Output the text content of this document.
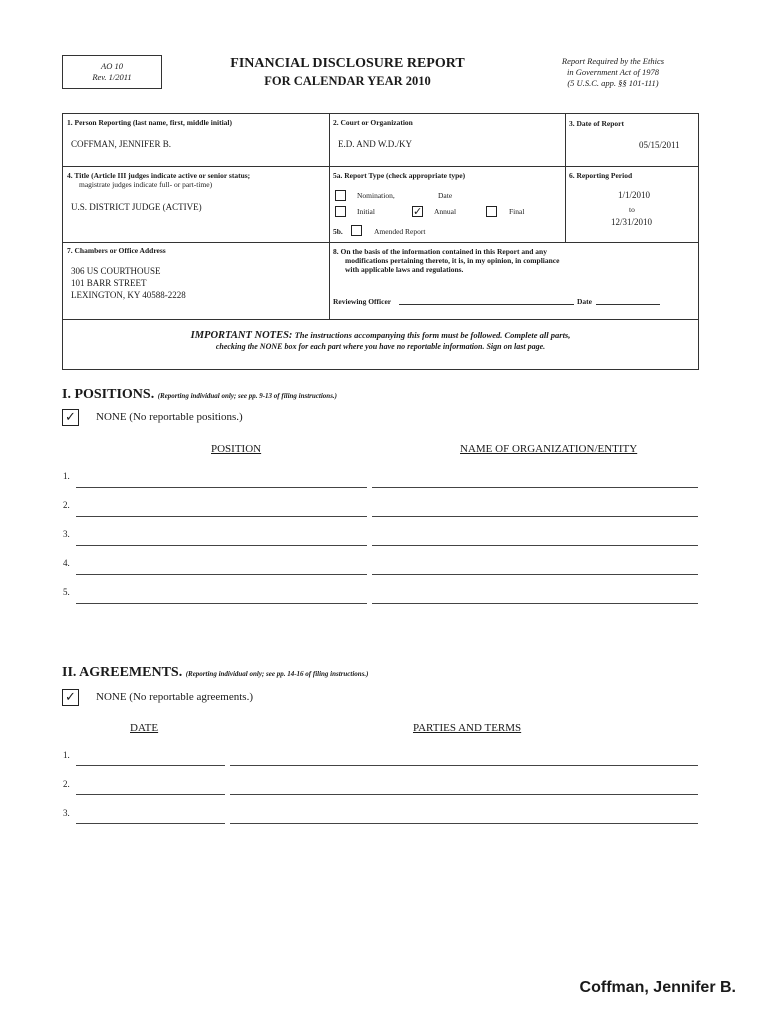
AO 10
Rev. 1/2011
FINANCIAL DISCLOSURE REPORT
FOR CALENDAR YEAR 2010
Report Required by the Ethics
in Government Act of 1978
(5 U.S.C. app. §§ 101-111)
1. Person Reporting (last name, first, middle initial)
COFFMAN, JENNIFER B.
2. Court or Organization
E.D. AND W.D./KY
3. Date of Report
05/15/2011
4. Title (Article III judges indicate active or senior status;
magistrate judges indicate full- or part-time)
U.S. DISTRICT JUDGE (ACTIVE)
5a. Report Type (check appropriate type)
Nomination,	Date
Initial	✓ Annual	Final
5b.	Amended Report
6. Reporting Period
1/1/2010
to
12/31/2010
7. Chambers or Office Address
306 US COURTHOUSE
101 BARR STREET
LEXINGTON, KY 40588-2228
8. On the basis of the information contained in this Report and any
modifications pertaining thereto, it is, in my opinion, in compliance
with applicable laws and regulations.
Reviewing Officer	Date
IMPORTANT NOTES: The instructions accompanying this form must be followed. Complete all parts,
checking the NONE box for each part where you have no reportable information. Sign on last page.
I. POSITIONS. (Reporting individual only; see pp. 9-13 of filing instructions.)
✓ NONE (No reportable positions.)
POSITION	NAME OF ORGANIZATION/ENTITY
1.
2.
3.
4.
5.
II. AGREEMENTS. (Reporting individual only; see pp. 14-16 of filing instructions.)
✓ NONE (No reportable agreements.)
DATE	PARTIES AND TERMS
1.
2.
3.
Coffman, Jennifer B.
